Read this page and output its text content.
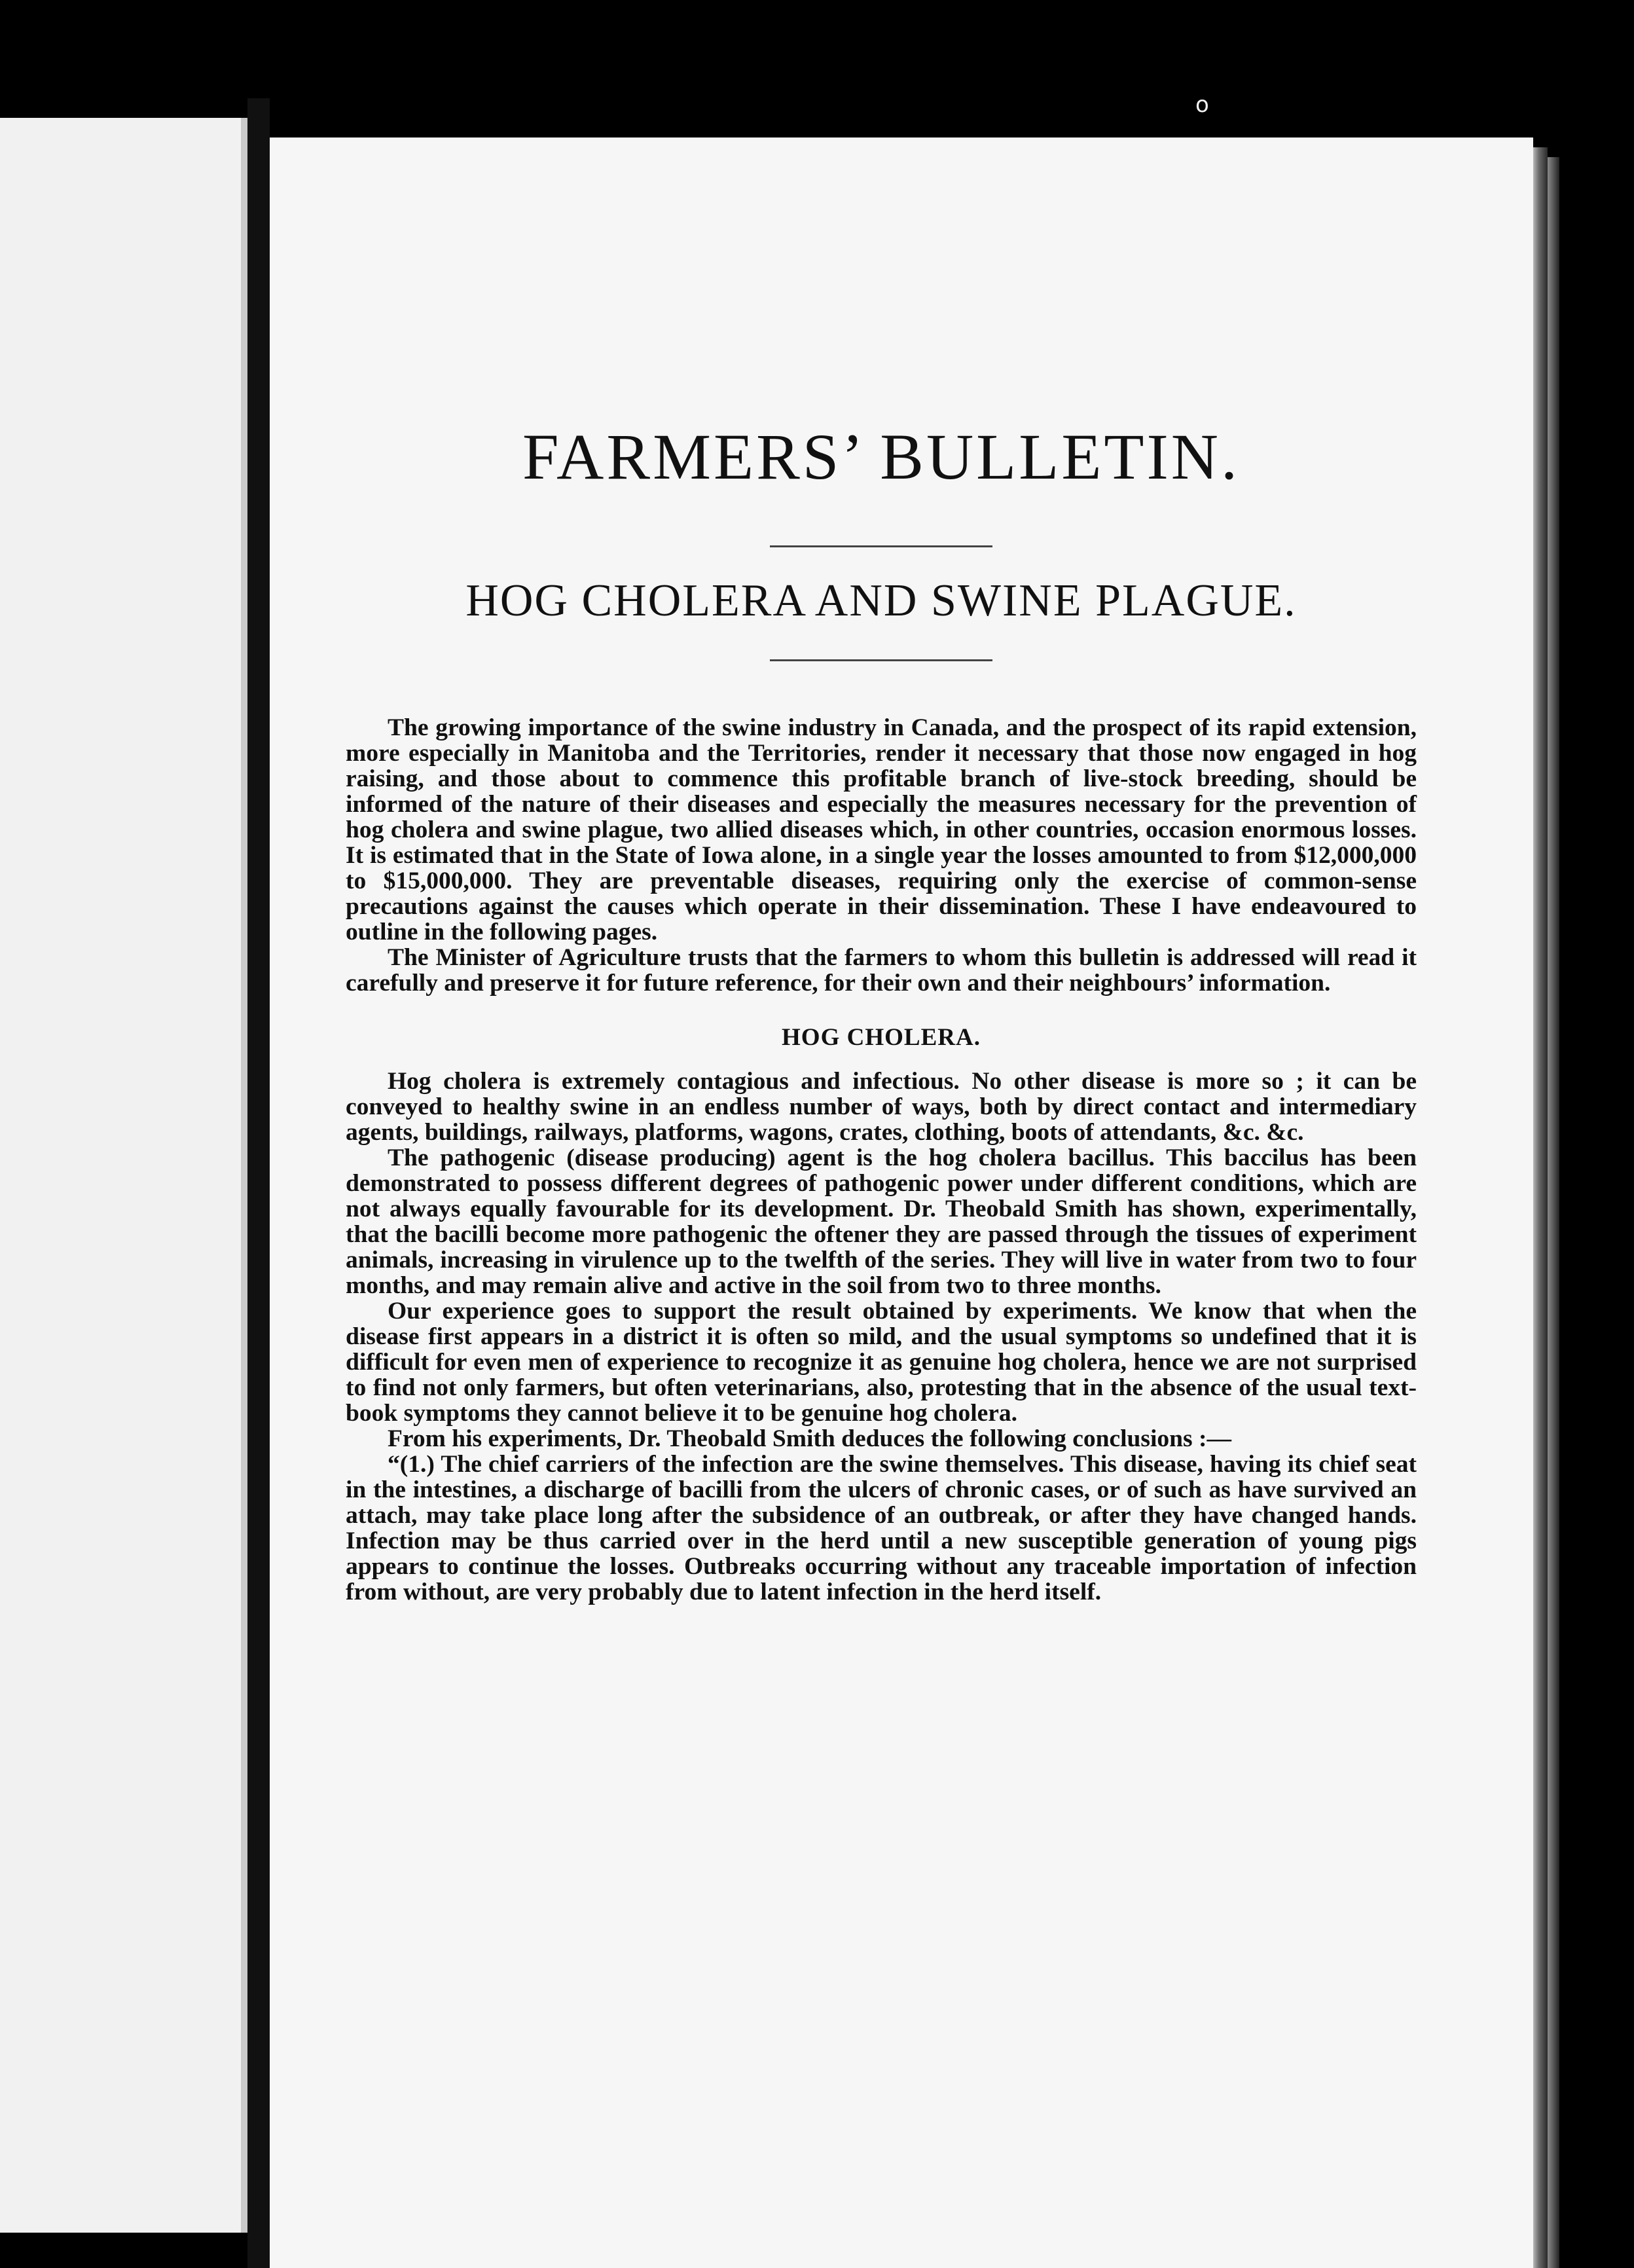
o
FARMERS’ BULLETIN.
HOG CHOLERA AND SWINE PLAGUE.

The growing importance of the swine industry in Canada, and the prospect of its rapid extension, more especially in Manitoba and the Territories, render it necessary that those now engaged in hog raising, and those about to commence this profitable branch of live-stock breeding, should be informed of the nature of their diseases and especially the measures necessary for the prevention of hog cholera and swine plague, two allied diseases which, in other countries, occasion enormous losses. It is estimated that in the State of Iowa alone, in a single year the losses amounted to from $12,000,000 to $15,000,000. They are preventable diseases, requiring only the exercise of common-sense precautions against the causes which operate in their dissemination. These I have endeavoured to outline in the following pages.

The Minister of Agriculture trusts that the farmers to whom this bulletin is addressed will read it carefully and preserve it for future reference, for their own and their neighbours’ information.

HOG CHOLERA.

Hog cholera is extremely contagious and infectious. No other disease is more so ; it can be conveyed to healthy swine in an endless number of ways, both by direct contact and intermediary agents, buildings, railways, platforms, wagons, crates, clothing, boots of attendants, &c. &c.

The pathogenic (disease producing) agent is the hog cholera bacillus. This baccilus has been demonstrated to possess different degrees of pathogenic power under different conditions, which are not always equally favourable for its development. Dr. Theobald Smith has shown, experimentally, that the bacilli become more pathogenic the oftener they are passed through the tissues of experiment animals, increasing in virulence up to the twelfth of the series. They will live in water from two to four months, and may remain alive and active in the soil from two to three months.

Our experience goes to support the result obtained by experiments. We know that when the disease first appears in a district it is often so mild, and the usual symptoms so undefined that it is difficult for even men of experience to recognize it as genuine hog cholera, hence we are not surprised to find not only farmers, but often veterinarians, also, protesting that in the absence of the usual text-book symptoms they cannot believe it to be genuine hog cholera.

From his experiments, Dr. Theobald Smith deduces the following conclusions :—

“(1.) The chief carriers of the infection are the swine themselves. This disease, having its chief seat in the intestines, a discharge of bacilli from the ulcers of chronic cases, or of such as have survived an attach, may take place long after the subsidence of an outbreak, or after they have changed hands. Infection may be thus carried over in the herd until a new susceptible generation of young pigs appears to continue the losses. Outbreaks occurring without any traceable importation of infection from without, are very probably due to latent infection in the herd itself.
